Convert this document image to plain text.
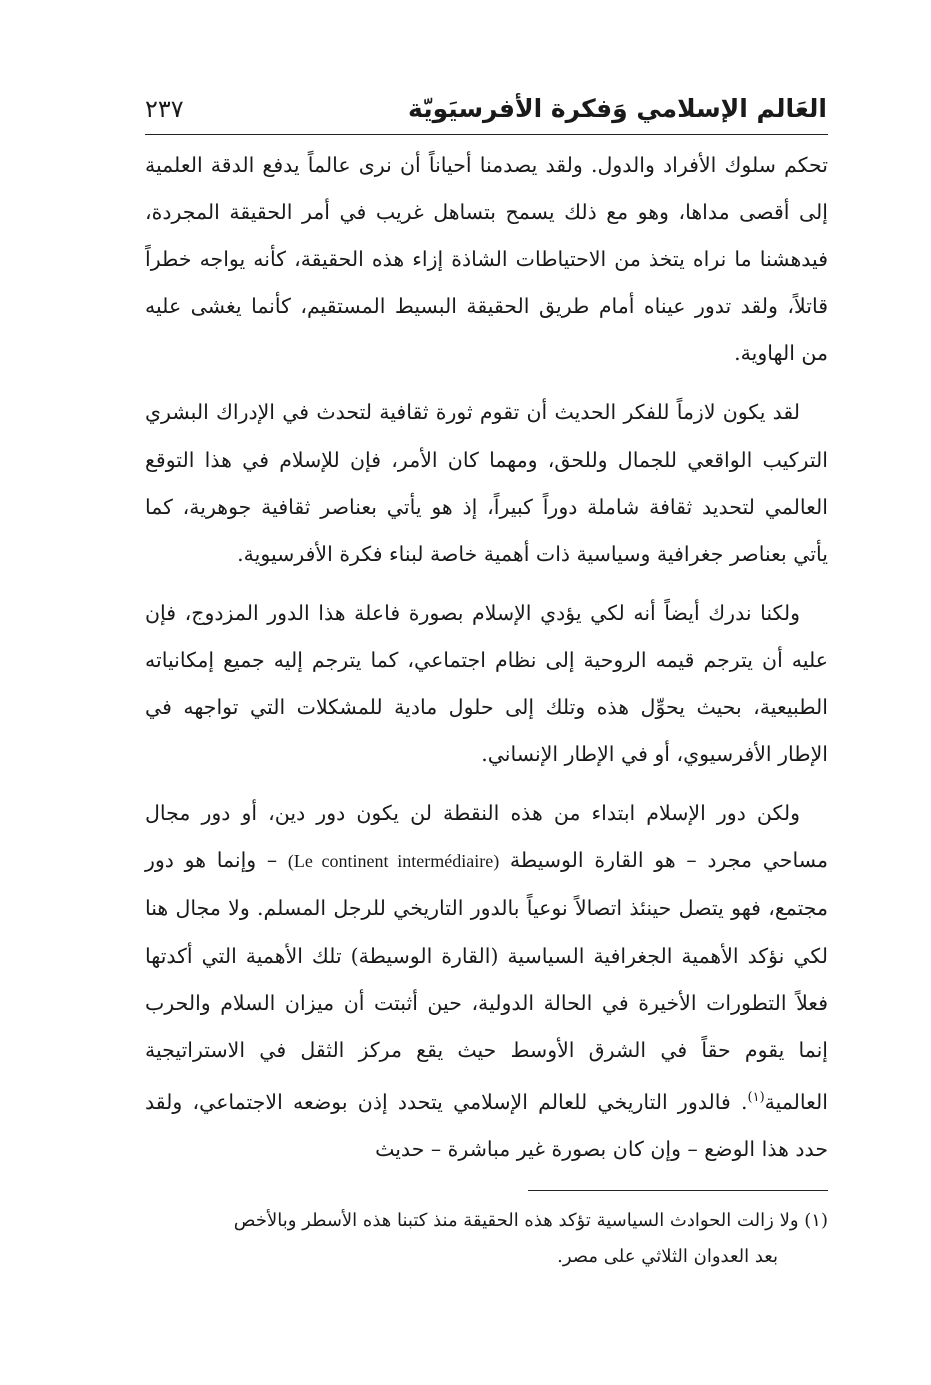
العَالم الإسلامي وَفكرة الأفرسيَويّة
٢٣٧

تحكم سلوك الأفراد والدول. ولقد يصدمنا أحياناً أن نرى عالماً يدفع الدقة العلمية إلى أقصى مداها، وهو مع ذلك يسمح بتساهل غريب في أمر الحقيقة المجردة، فيدهشنا ما نراه يتخذ من الاحتياطات الشاذة إزاء هذه الحقيقة، كأنه يواجه خطراً قاتلاً، ولقد تدور عيناه أمام طريق الحقيقة البسيط المستقيم، كأنما يغشى عليه من الهاوية.

لقد يكون لازماً للفكر الحديث أن تقوم ثورة ثقافية لتحدث في الإدراك البشري التركيب الواقعي للجمال وللحق، ومهما كان الأمر، فإن للإسلام في هذا التوقع العالمي لتحديد ثقافة شاملة دوراً كبيراً، إذ هو يأتي بعناصر ثقافية جوهرية، كما يأتي بعناصر جغرافية وسياسية ذات أهمية خاصة لبناء فكرة الأفرسيوية.

ولكنا ندرك أيضاً أنه لكي يؤدي الإسلام بصورة فاعلة هذا الدور المزدوج، فإن عليه أن يترجم قيمه الروحية إلى نظام اجتماعي، كما يترجم إليه جميع إمكانياته الطبيعية، بحيث يحوِّل هذه وتلك إلى حلول مادية للمشكلات التي تواجهه في الإطار الأفرسيوي، أو في الإطار الإنساني.

ولكن دور الإسلام ابتداء من هذه النقطة لن يكون دور دين، أو دور مجال مساحي مجرد – هو القارة الوسيطة (Le continent intermédiaire) – وإنما هو دور مجتمع، فهو يتصل حينئذ اتصالاً نوعياً بالدور التاريخي للرجل المسلم. ولا مجال هنا لكي نؤكد الأهمية الجغرافية السياسية (القارة الوسيطة) تلك الأهمية التي أكدتها فعلاً التطورات الأخيرة في الحالة الدولية، حين أثبتت أن ميزان السلام والحرب إنما يقوم حقاً في الشرق الأوسط حيث يقع مركز الثقل في الاستراتيجية العالمية$^{(١)}$. فالدور التاريخي للعالم الإسلامي يتحدد إذن بوضعه الاجتماعي، ولقد حدد هذا الوضع – وإن كان بصورة غير مباشرة – حديث

(١) ولا زالت الحوادث السياسية تؤكد هذه الحقيقة منذ كتبنا هذه الأسطر وبالأخص

بعد العدوان الثلاثي على مصر.
